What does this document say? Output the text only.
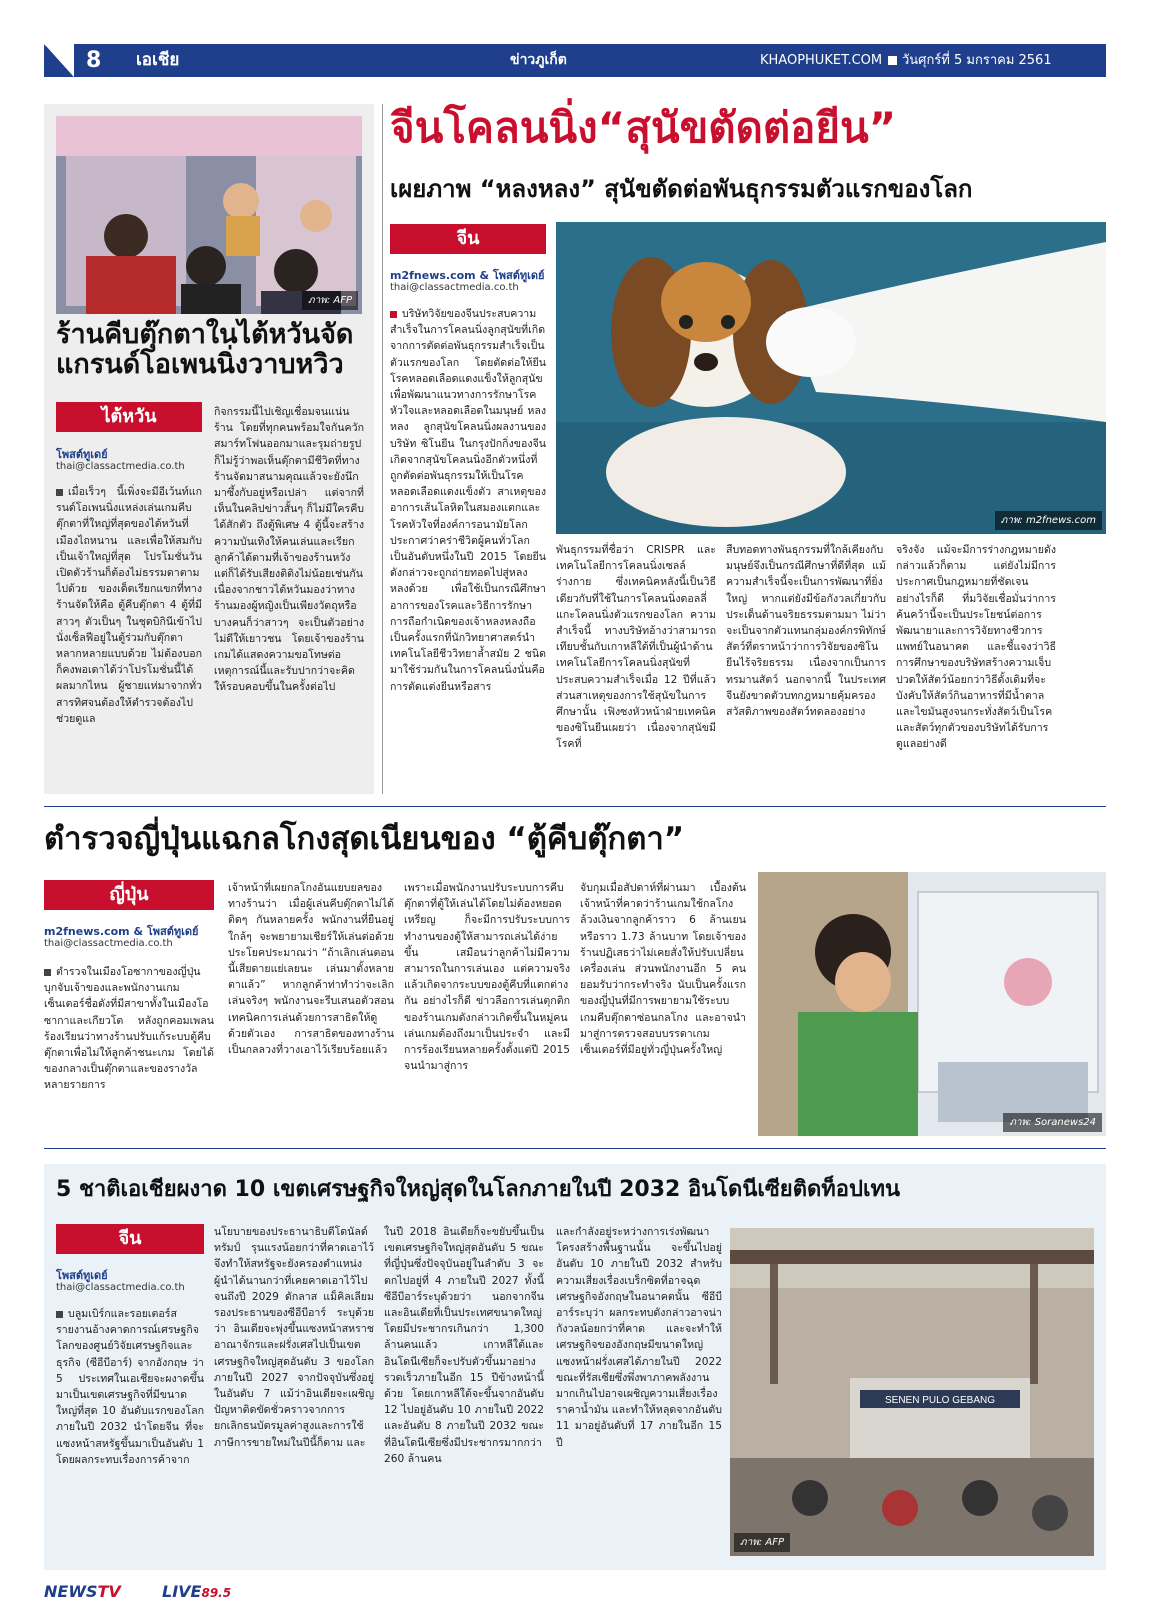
8 เอเชีย	ข่าวภูเก็ต	KHAOPHUKET.COM วันศุกร์ที่ 5 มกราคม 2561
ภาพ: AFP
ร้านคีบตุ๊กตาในไต้หวันจัด
แกรนด์โอเพนนิ่งวาบหวิว
ไต้หวัน
โพสต์ทูเดย์
thai@classactmedia.co.th
เมื่อเร็วๆ นี้เพิ่งจะมีอีเว้นท์แกรนด์โอเพนนิ่งแหล่งเล่นเกมคีบตุ๊กตาที่ใหญ่ที่สุดของไต้หวันที่เมืองไถหนาน และเพื่อให้สมกับเป็นเจ้าใหญ่ที่สุด โปรโมชั่นวันเปิดตัวร้านก็ต้องไม่ธรรมดาตามไปด้วย ของเด็ดเรียกแขกที่ทางร้านจัดให้คือ ตู้คีบตุ๊กตา 4 ตู้ที่มีสาวๆ ตัวเป็นๆ ในชุดบิกินีเข้าไปนั่งเซ็ลฟีอยู่ในตู้ร่วมกับตุ๊กตาหลากหลายแบบด้วย ไม่ต้องบอกก็คงพอเดาได้ว่าโปรโมชั่นนี้ได้ผลมากไหน ผู้ชายแห่มาจากทั่วสารทิศจนต้องให้ตำรวจต้องไปช่วยดูแล
กิจกรรมนี้ไปเชิญเชื่อมจนแน่นร้าน โดยที่ทุกคนพร้อมใจกันควักสมาร์ทโฟนออกมาและรุมถ่ายรูป ก็ไม่รู้ว่าพอเห็นตุ๊กตามีชีวิตที่ทางร้านจัดมาสนามคุณแล้วจะยังนึกมาซึ้งกับอยู่หรือเปล่า แต่จากที่เห็นในคลิปข่าวสั้นๆ ก็ไม่มีใครคีบได้สักตัว ถึงตู้พิเศษ 4 ตู้นี้จะสร้างความบันเทิงให้คนเล่นและเรียกลูกค้าได้ตามที่เจ้าของร้านหวังแต่ก็ได้รับเสียงติติงไม่น้อยเช่นกัน เนื่องจากชาวไต้หวันมองว่าทางร้านมองผู้หญิงเป็นเพียงวัตถุหรือบางคนก็ว่าสาวๆ จะเป็นตัวอย่างไม่ดีให้เยาวชน โดยเจ้าของร้านเกมได้แสดงความขอโทษต่อเหตุการณ์นี้และรับปากว่าจะคิดให้รอบคอบขึ้นในครั้งต่อไป
จีนโคลนนิ่ง“สุนัขตัดต่อยีน”
เผยภาพ “หลงหลง” สุนัขตัดต่อพันธุกรรมตัวแรกของโลก
จีน
m2fnews.com & โพสต์ทูเดย์
thai@classactmedia.co.th
ภาพ: m2fnews.com
บริษัทวิจัยของจีนประสบความสำเร็จในการโคลนนิ่งลูกสุนัขที่เกิดจากการตัดต่อพันธุกรรมสำเร็จเป็นตัวแรกของโลก โดยตัดต่อให้ยีนโรคหลอดเลือดแดงแข็งให้ลูกสุนัขเพื่อพัฒนาแนวทางการรักษาโรคหัวใจและหลอดเลือดในมนุษย์ หลงหลง ลูกสุนัขโคลนนิ่งผลงานของ บริษัท ซิโนยีน ในกรุงปักกิ่งของจีน เกิดจากสุนัขโคลนนิ่งอีกตัวหนึ่งที่ถูกตัดต่อพันธุกรรมให้เป็นโรคหลอดเลือดแดงแข็งตัว สาเหตุของอาการเส้นโลหิตในสมองแตกและโรคหัวใจที่องค์การอนามัยโลกประกาศว่าคร่าชีวิตผู้คนทั่วโลกเป็นอันดับหนึ่งในปี 2015 โดยยีนดังกล่าวจะถูกถ่ายทอดไปสู่หลงหลงด้วย เพื่อใช้เป็นกรณีศึกษาอาการของโรคและวิธีการรักษา การถือกำเนิดของเจ้าหลงหลงถือเป็นครั้งแรกที่นักวิทยาศาสตร์นำเทคโนโลยีชีววิทยาล้ำสมัย 2 ชนิดมาใช้ร่วมกันในการโคลนนิ่งนั่นคือ การตัดแต่งยีนหรือสาร
พันธุกรรมที่ชื่อว่า CRISPR และเทคโนโลยีการโคลนนิ่งเซลล์ร่างกาย ซึ่งเทคนิคหลังนี้เป็นวิธีเดียวกับที่ใช้ในการโคลนนิ่งดอลลี่ แกะโคลนนิ่งตัวแรกของโลก ความสำเร็จนี้ ทางบริษัทอ้างว่าสามารถเทียบชั้นกับเกาหลีใต้ที่เป็นผู้นำด้านเทคโนโลยีการโคลนนิ่งสุนัขที่ประสบความสำเร็จเมื่อ 12 ปีที่แล้ว ส่วนสาเหตุของการใช้สุนัขในการศึกษานั้น เฟิงซงหัวหน้าฝ่ายเทคนิคของซิโนยีนเผยว่า เนื่องจากสุนัขมีโรคที่
สืบทอดทางพันธุกรรมที่ใกล้เคียงกับมนุษย์จึงเป็นกรณีศึกษาที่ดีที่สุด แม้ความสำเร็จนี้จะเป็นการพัฒนาที่ยิ่งใหญ่ หากแต่ยังมีข้อกังวลเกี่ยวกับประเด็นด้านจริยธรรมตามมา ไม่ว่าจะเป็นจากตัวแทนกลุ่มองค์กรพิทักษ์สัตว์ที่ตราหน้าว่าการวิจัยของซิโนยีนไร้จริยธรรม เนื่องจากเป็นการทรมานสัตว์ นอกจากนี้ ในประเทศจีนยังขาดตัวบทกฎหมายคุ้มครองสวัสดิภาพของสัตว์ทดลองอย่าง
จริงจัง แม้จะมีการร่างกฎหมายดังกล่าวแล้วก็ตาม แต่ยังไม่มีการประกาศเป็นกฎหมายที่ชัดเจน อย่างไรก็ดี ที่มวิจัยเชื่อมั่นว่าการค้นคว้านี้จะเป็นประโยชน์ต่อการพัฒนายาและการวิจัยทางชีวการแพทย์ในอนาคต และชี้แจงว่าวิธีการศึกษาของบริษัทสร้างความเจ็บปวดให้สัตว์น้อยกว่าวิธีดั้งเดิมที่จะบังคับให้สัตว์กินอาหารที่มีน้ำตาลและไขมันสูงจนกระทั่งสัตว์เป็นโรค และสัตว์ทุกตัวของบริษัทได้รับการดูแลอย่างดี
ตำรวจญี่ปุ่นแฉกลโกงสุดเนียนของ “ตู้คีบตุ๊กตา”
ญี่ปุ่น
m2fnews.com & โพสต์ทูเดย์
thai@classactmedia.co.th
ตำรวจในเมืองโอซากาของญี่ปุ่น บุกจับเจ้าของและพนักงานเกมเซ็นเตอร์ชื่อดังที่มีสาขาทั้งในเมืองโอซากาและเกียวโต หลังถูกคอมเพลนร้องเรียนว่าทางร้านปรับแก้ระบบตู้คีบตุ๊กตาเพื่อไม่ให้ลูกค้าชนะเกม โดยได้ของกลางเป็นตุ๊กตาและของรางวัลหลายรายการ
เจ้าหน้าที่เผยกลโกงอันแยบยลของทางร้านว่า เมื่อผู้เล่นคีบตุ๊กตาไม่ได้ติดๆ กันหลายครั้ง พนักงานที่ยืนอยู่ใกล้ๆ จะพยายามเชียร์ให้เล่นต่อด้วยประโยคประมาณว่า “ถ้าเลิกเล่นตอนนี้เสียดายแย่เลยนะ เล่นมาตั้งหลายตาแล้ว” หากลูกค้าท่าทำว่าจะเลิกเล่นจริงๆ พนักงานจะรีบเสนอตัวสอนเทคนิคการเล่นด้วยการสาธิตให้ดูด้วยตัวเอง การสาธิตของทางร้านเป็นกลลวงที่วางเอาไว้เรียบร้อยแล้ว
เพราะเมื่อพนักงานปรับระบบการคีบตุ๊กตาที่ตู้ให้เล่นได้โดยไม่ต้องหยอดเหรียญ ก็จะมีการปรับระบบการทำงานของตู้ให้สามารถเล่นได้ง่ายขึ้น เสมือนว่าลูกค้าไม่มีความสามารถในการเล่นเอง แต่ความจริงแล้วเกิดจากระบบของตู้คีบที่แตกต่างกัน อย่างไรก็ดี ข่าวลือการเล่นตุกติกของร้านเกมดังกล่าวเกิดขึ้นในหมู่คนเล่นเกมต้องถึงมาเป็นประจำ และมีการร้องเรียนหลายครั้งตั้งแต่ปี 2015 จนนำมาสู่การ
จับกุมเมื่อสัปดาห์ที่ผ่านมา เบื้องต้นเจ้าหน้าที่คาดว่าร้านเกมใช้กลโกงล้วงเงินจากลูกค้าราว 6 ล้านเยน หรือราว 1.73 ล้านบาท โดยเจ้าของร้านปฏิเสธว่าไม่เคยสั่งให้ปรับเปลี่ยนเครื่องเล่น ส่วนพนักงานอีก 5 คน ยอมรับว่ากระทำจริง นับเป็นครั้งแรกของญี่ปุ่นที่มีการพยายามใช้ระบบเกมคีบตุ๊กตาซ่อนกลโกง และอาจนำมาสู่การตรวจสอบบรรดาเกมเซ็นเตอร์ที่มีอยู่ทั่วญี่ปุ่นครั้งใหญ่
ภาพ: Soranews24
5 ชาติเอเชียผงาด 10 เขตเศรษฐกิจใหญ่สุดในโลกภายในปี 2032 อินโดนีเซียติดท็อปเทน
จีน
โพสต์ทูเดย์
thai@classactmedia.co.th
บลูมเบิร์กและรอยเตอร์สรายงานอ้างคาดการณ์เศรษฐกิจโลกของศูนย์วิจัยเศรษฐกิจและธุรกิจ (ซีอีบีอาร์) จากอังกฤษ ว่า 5 ประเทศในเอเชียจะผงาดขึ้นมาเป็นเขตเศรษฐกิจที่มีขนาดใหญ่ที่สุด 10 อันดับแรกของโลกภายในปี 2032 นำโดยจีน ที่จะแซงหน้าสหรัฐขึ้นมาเป็นอันดับ 1 โดยผลกระทบเรื่องการค้าจาก
นโยบายของประธานาธิบดีโดนัลด์ ทรัมป์ รุนแรงน้อยกว่าที่คาดเอาไว้ จึงทำให้สหรัฐจะยังครองตำแหน่งผู้นำได้นานกว่าที่เคยคาดเอาไว้ไปจนถึงปี 2029 ดักลาส แม็คิลเลียม รองประธานของซีอีบีอาร์ ระบุด้วยว่า อินเดียจะพุ่งขึ้นแซงหน้าสหราชอาณาจักรและฝรั่งเศสไปเป็นเขตเศรษฐกิจใหญ่สุดอันดับ 3 ของโลกภายในปี 2027 จากปัจจุบันซึ่งอยู่ในอันดับ 7 แม้ว่าอินเดียจะเผชิญปัญหาติดขัดชั่วคราวจากการยกเลิกธนบัตรมูลค่าสูงและการใช้ภาษีการขายใหม่ในปีนี้ก็ตาม และ
ในปี 2018 อินเดียก็จะขยับขึ้นเป็นเขตเศรษฐกิจใหญ่สุดอันดับ 5 ขณะที่ญี่ปุ่นซึ่งปัจจุบันอยู่ในลำดับ 3 จะตกไปอยู่ที่ 4 ภายในปี 2027 ทั้งนี้ ซีอีบีอาร์ระบุด้วยว่า นอกจากจีนและอินเดียที่เป็นประเทศขนาดใหญ่โดยมีประชากรเกินกว่า 1,300 ล้านคนแล้ว เกาหลีใต้และอินโดนีเซียก็จะปรับตัวขึ้นมาอย่างรวดเร็วภายในอีก 15 ปีข้างหน้านี้ด้วย โดยเกาหลีใต้จะขึ้นจากอันดับ 12 ไปอยู่อันดับ 10 ภายในปี 2022 และอันดับ 8 ภายในปี 2032 ขณะที่อินโดนีเซียซึ่งมีประชากรมากกว่า 260 ล้านคน
และกำลังอยู่ระหว่างการเร่งพัฒนาโครงสร้างพื้นฐานนั้น จะขึ้นไปอยู่อันดับ 10 ภายในปี 2032 สำหรับความเสี่ยงเรื่องเบร็กซิตที่อาจฉุดเศรษฐกิจอังกฤษในอนาคตนั้น ซีอีบีอาร์ระบุว่า ผลกระทบดังกล่าวอาจน่ากังวลน้อยกว่าที่คาด และจะทำให้เศรษฐกิจของอังกฤษมีขนาดใหญ่แซงหน้าฝรั่งเศสได้ภายในปี 2022 ขณะที่รัสเซียซึ่งพึ่งพาภาคพลังงานมากเกินไปอาจเผชิญความเสี่ยงเรื่องราคาน้ำมัน และทำให้หลุดจากอันดับ 11 มาอยู่อันดับที่ 17 ภายในอีก 15 ปี
SENEN PULO GEBANG
ภาพ: AFP
NEWSTV	LIVE89.5
